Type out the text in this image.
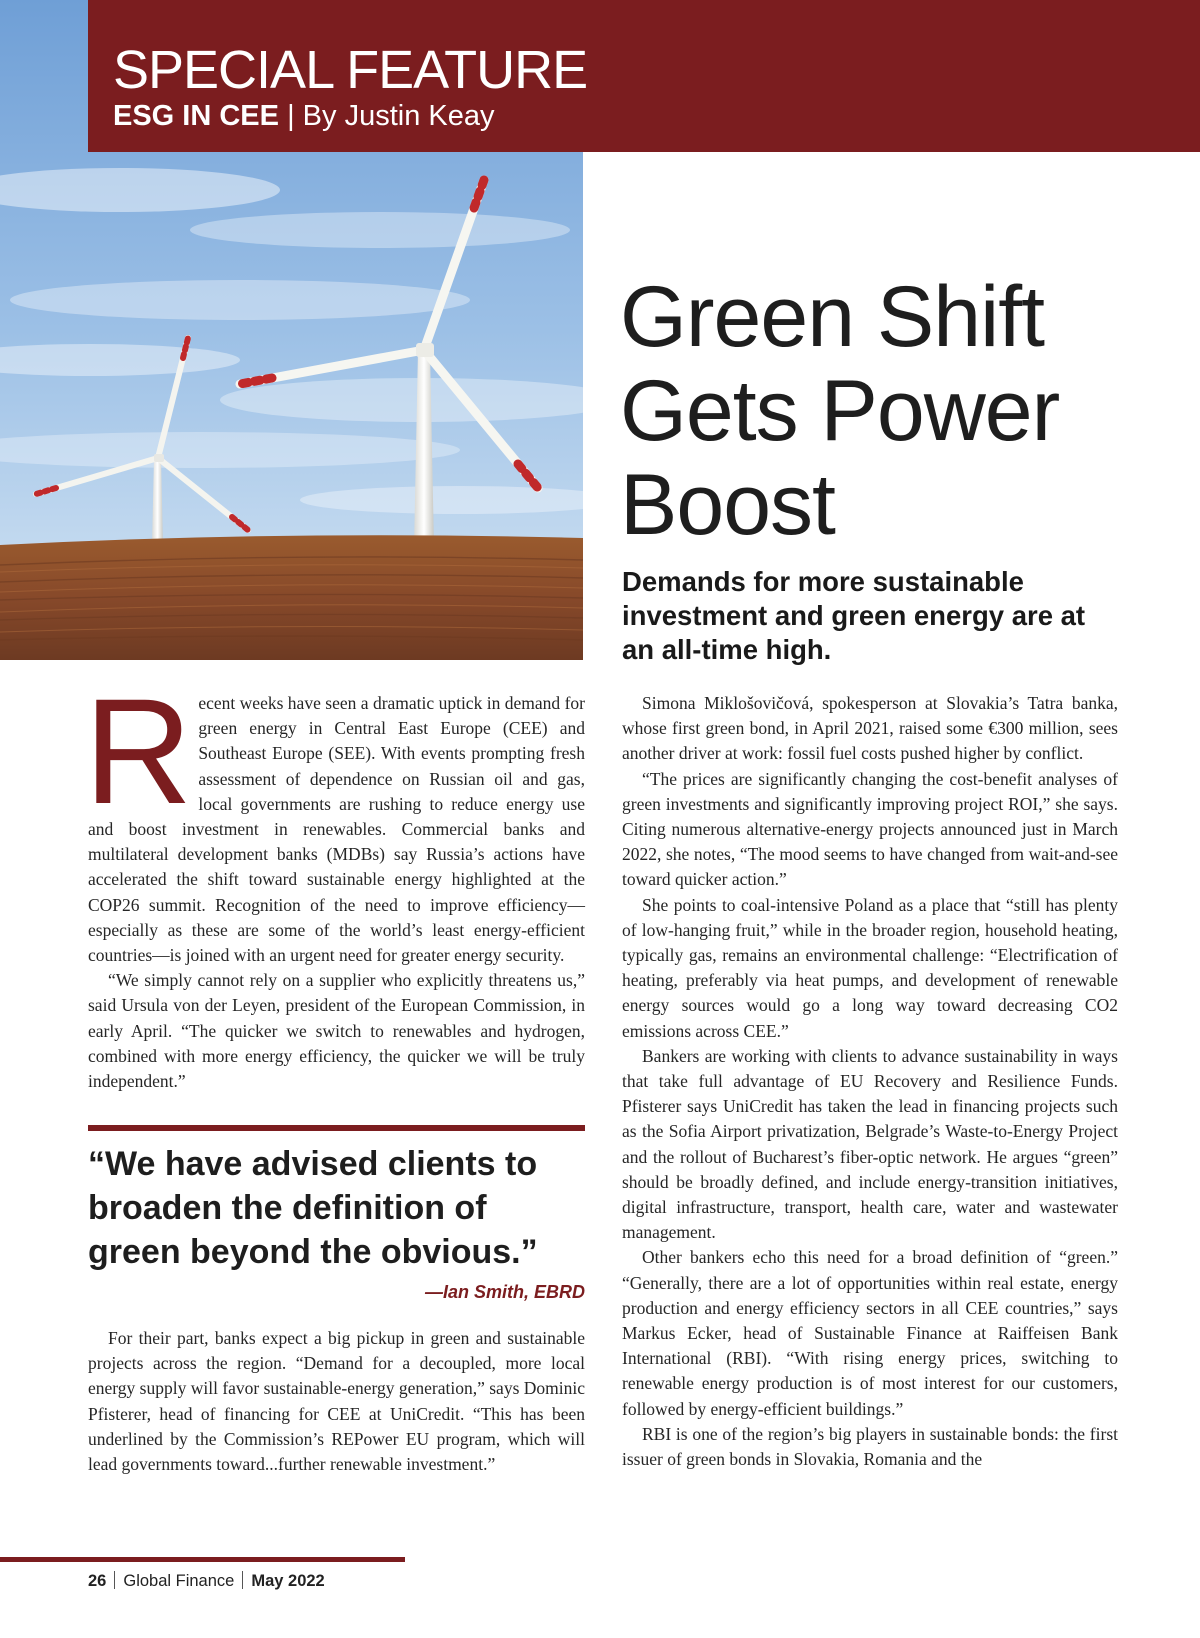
SPECIAL FEATURE
ESG IN CEE | By Justin Keay
Green Shift
Gets Power
Boost
Demands for more sustainable investment and green energy are at an all-time high.

Recent weeks have seen a dramatic uptick in demand for green energy in Central East Europe (CEE) and Southeast Europe (SEE). With events prompting fresh assessment of dependence on Russian oil and gas, local governments are rushing to reduce energy use and boost investment in renewables. Commercial banks and multilateral development banks (MDBs) say Russia’s actions have accelerated the shift toward sustainable energy highlighted at the COP26 summit. Recognition of the need to improve efficiency—especially as these are some of the world’s least energy-efficient countries—is joined with an urgent need for greater energy security.

“We simply cannot rely on a supplier who explicitly threatens us,” said Ursula von der Leyen, president of the European Commission, in early April. “The quicker we switch to renewables and hydrogen, combined with more energy efficiency, the quicker we will be truly independent.”

“We have advised clients to broaden the definition of green beyond the obvious.”
—Ian Smith, EBRD

For their part, banks expect a big pickup in green and sustainable projects across the region. “Demand for a decoupled, more local energy supply will favor sustainable-energy generation,” says Dominic Pfisterer, head of financing for CEE at UniCredit. “This has been underlined by the Commission’s REPower EU program, which will lead governments toward...further renewable investment.”

Simona Miklošovičová, spokesperson at Slovakia’s Tatra banka, whose first green bond, in April 2021, raised some €300 million, sees another driver at work: fossil fuel costs pushed higher by conflict.

“The prices are significantly changing the cost-benefit analyses of green investments and significantly improving project ROI,” she says. Citing numerous alternative-energy projects announced just in March 2022, she notes, “The mood seems to have changed from wait-and-see toward quicker action.”

She points to coal-intensive Poland as a place that “still has plenty of low-hanging fruit,” while in the broader region, household heating, typically gas, remains an environmental challenge: “Electrification of heating, preferably via heat pumps, and development of renewable energy sources would go a long way toward decreasing CO2 emissions across CEE.”

Bankers are working with clients to advance sustainability in ways that take full advantage of EU Recovery and Resilience Funds. Pfisterer says UniCredit has taken the lead in financing projects such as the Sofia Airport privatization, Belgrade’s Waste-to-Energy Project and the rollout of Bucharest’s fiber-optic network. He argues “green” should be broadly defined, and include energy-transition initiatives, digital infrastructure, transport, health care, water and wastewater management.

Other bankers echo this need for a broad definition of “green.” “Generally, there are a lot of opportunities within real estate, energy production and energy efficiency sectors in all CEE countries,” says Markus Ecker, head of Sustainable Finance at Raiffeisen Bank International (RBI). “With rising energy prices, switching to renewable energy production is of most interest for our customers, followed by energy-efficient buildings.”

RBI is one of the region’s big players in sustainable bonds: the first issuer of green bonds in Slovakia, Romania and the

26 Global Finance May 2022
